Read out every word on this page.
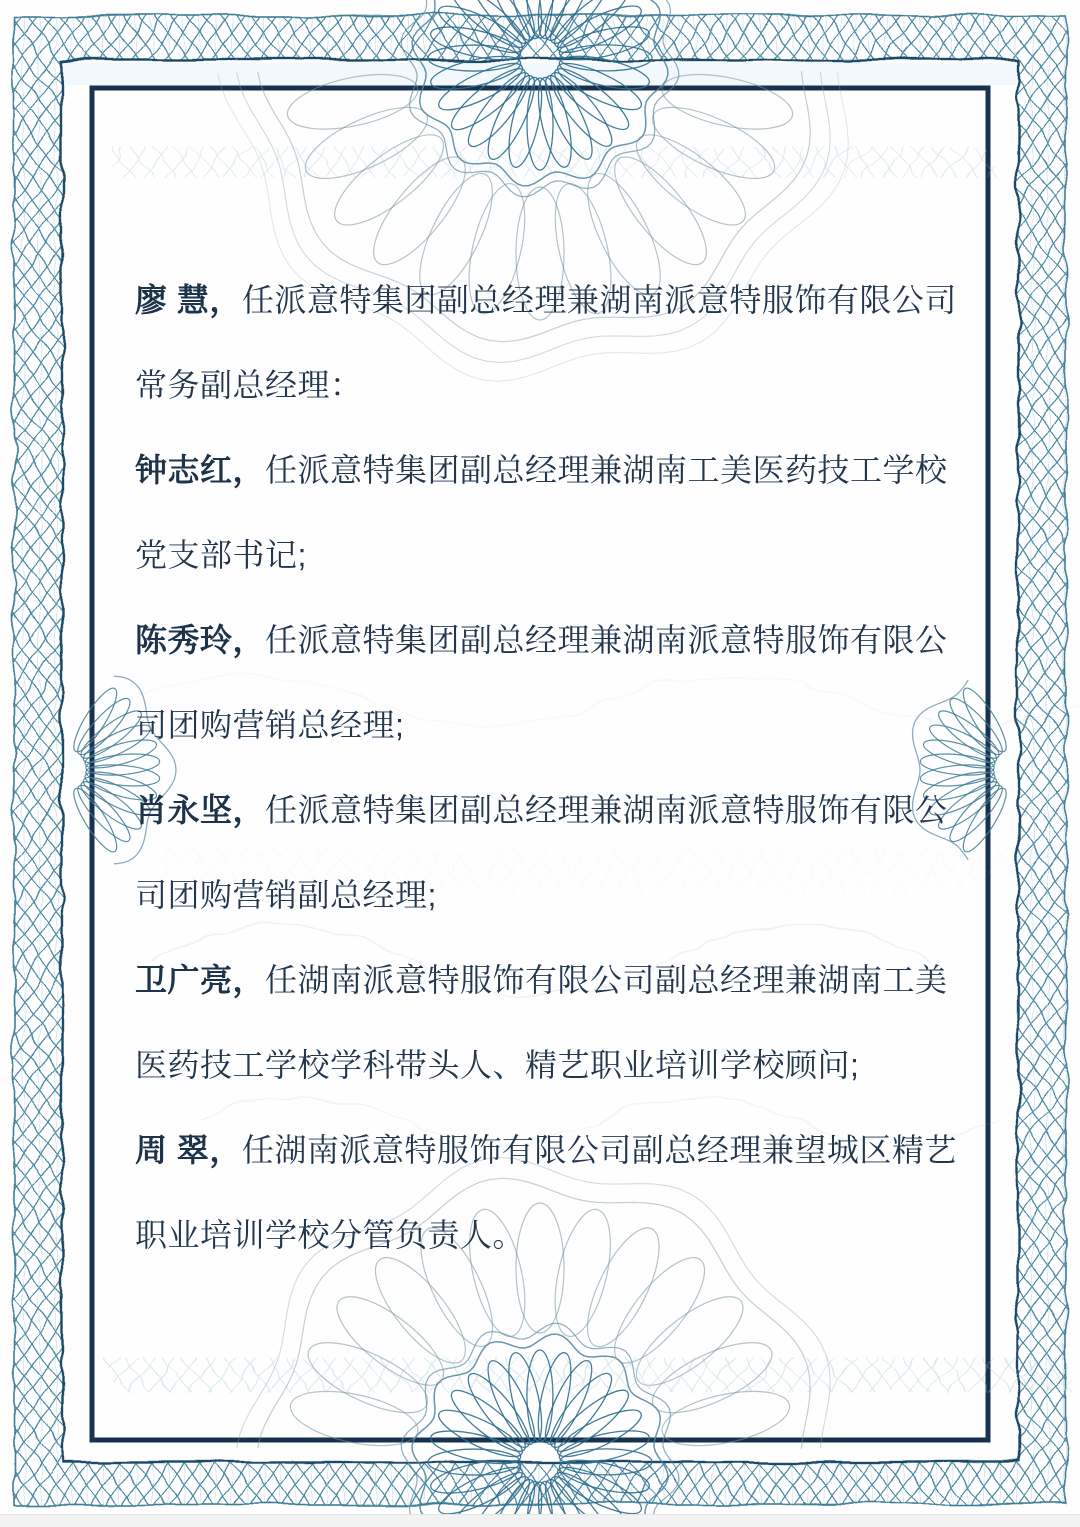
廖 慧，任派意特集团副总经理兼湖南派意特服饰有限公司
常务副总经理：

钟志红，任派意特集团副总经理兼湖南工美医药技工学校
党支部书记;

陈秀玲，任派意特集团副总经理兼湖南派意特服饰有限公
司团购营销总经理;

肖永坚，任派意特集团副总经理兼湖南派意特服饰有限公
司团购营销副总经理;

卫广亮，任湖南派意特服饰有限公司副总经理兼湖南工美
医药技工学校学科带头人、精艺职业培训学校顾问;

周 翠，任湖南派意特服饰有限公司副总经理兼望城区精艺
职业培训学校分管负责人。
